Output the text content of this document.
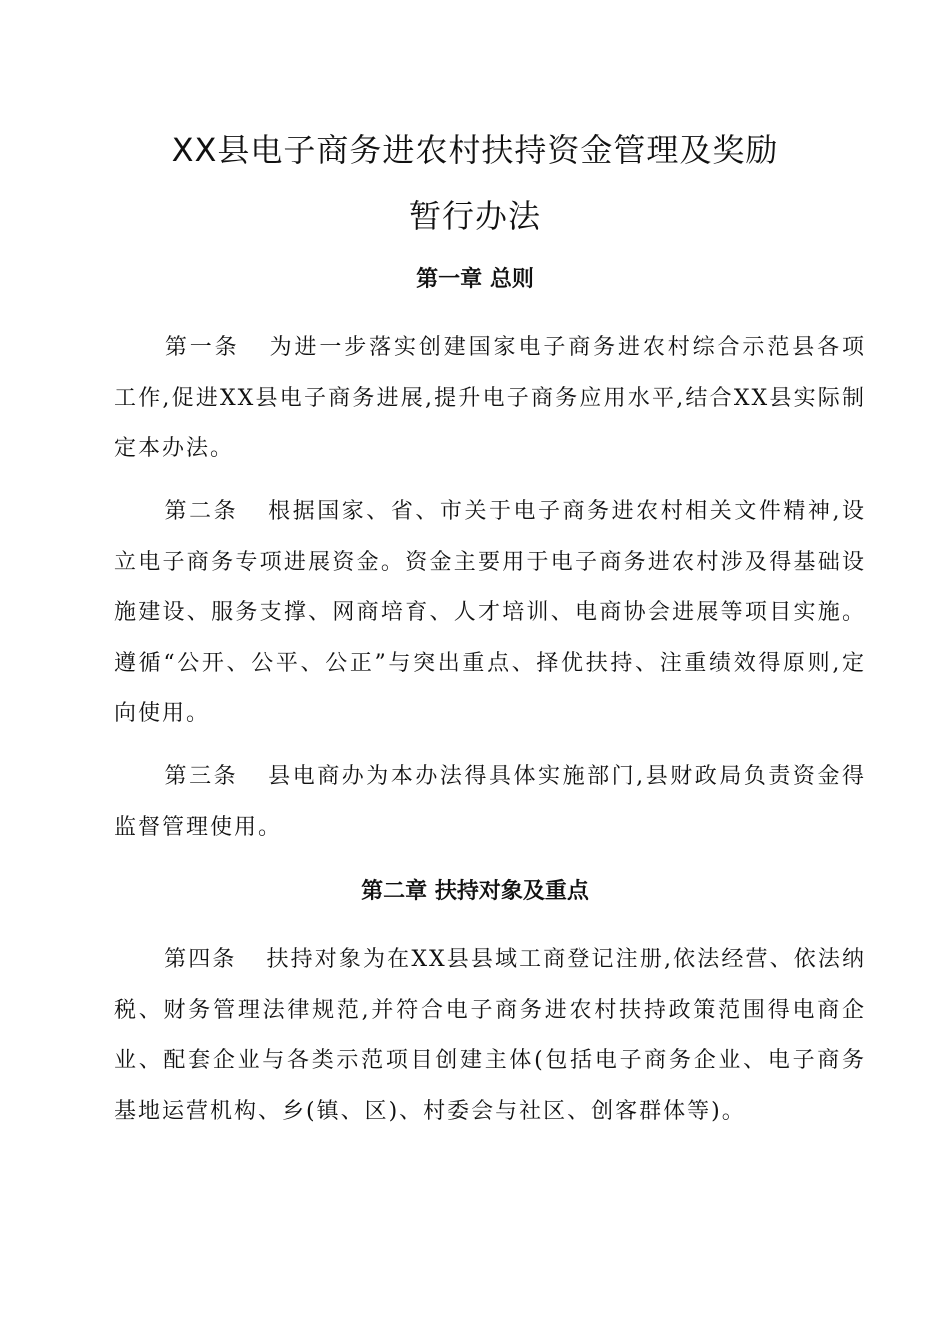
XX县电子商务进农村扶持资金管理及奖励
暂行办法
第一章 总则

第一条 为进一步落实创建国家电子商务进农村综合示范县各项工作,促进XX县电子商务进展,提升电子商务应用水平,结合XX县实际制定本办法。

第二条 根据国家、省、市关于电子商务进农村相关文件精神,设立电子商务专项进展资金。资金主要用于电子商务进农村涉及得基础设施建设、服务支撑、网商培育、人才培训、电商协会进展等项目实施。遵循“公开、公平、公正”与突出重点、择优扶持、注重绩效得原则,定向使用。

第三条 县电商办为本办法得具体实施部门,县财政局负责资金得监督管理使用。

第二章 扶持对象及重点

第四条 扶持对象为在XX县县域工商登记注册,依法经营、依法纳税、财务管理法律规范,并符合电子商务进农村扶持政策范围得电商企业、配套企业与各类示范项目创建主体(包括电子商务企业、电子商务基地运营机构、乡(镇、区)、村委会与社区、创客群体等)。
